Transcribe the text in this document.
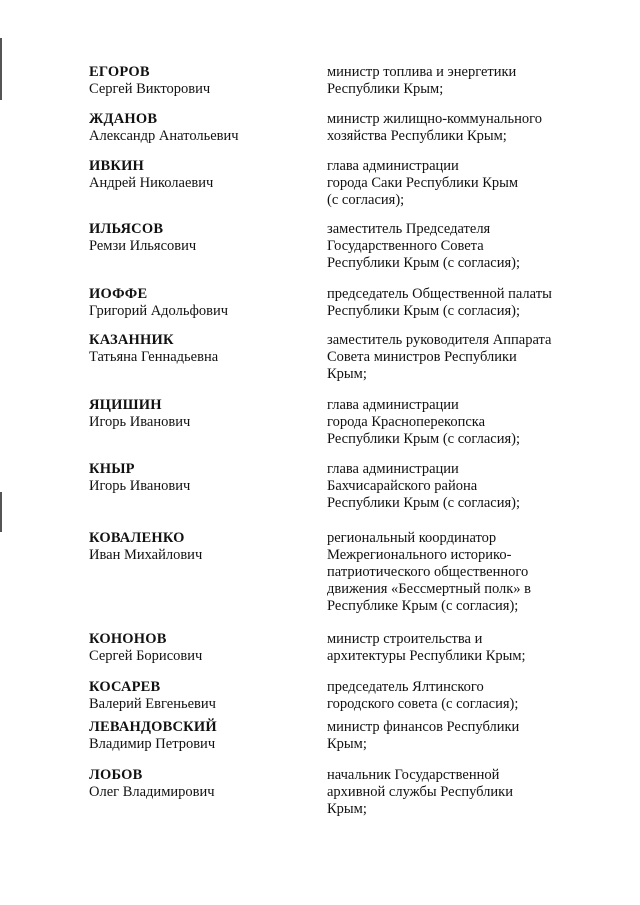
ЕГОРОВ
Сергей Викторович
министр топлива и энергетики
Республики Крым;
ЖДАНОВ
Александр Анатольевич
министр жилищно-коммунального
хозяйства Республики Крым;
ИВКИН
Андрей Николаевич
глава администрации
города Саки Республики Крым
(с согласия);
ИЛЬЯСОВ
Ремзи Ильясович
заместитель Председателя
Государственного Совета
Республики Крым (с согласия);
ИОФФЕ
Григорий Адольфович
председатель Общественной палаты
Республики Крым (с согласия);
КАЗАННИК
Татьяна Геннадьевна
заместитель руководителя Аппарата
Совета министров Республики
Крым;
ЯЦИШИН
Игорь Иванович
глава администрации
города Красноперекопска
Республики Крым (с согласия);
КНЫР
Игорь Иванович
глава администрации
Бахчисарайского района
Республики Крым (с согласия);
КОВАЛЕНКО
Иван Михайлович
региональный координатор
Межрегионального историко-
патриотического общественного
движения «Бессмертный полк» в
Республике Крым (с согласия);
КОНОНОВ
Сергей Борисович
министр строительства и
архитектуры Республики Крым;
КОСАРЕВ
Валерий Евгеньевич
председатель Ялтинского
городского совета (с согласия);
ЛЕВАНДОВСКИЙ
Владимир Петрович
министр финансов Республики
Крым;
ЛОБОВ
Олег Владимирович
начальник Государственной
архивной службы Республики
Крым;
